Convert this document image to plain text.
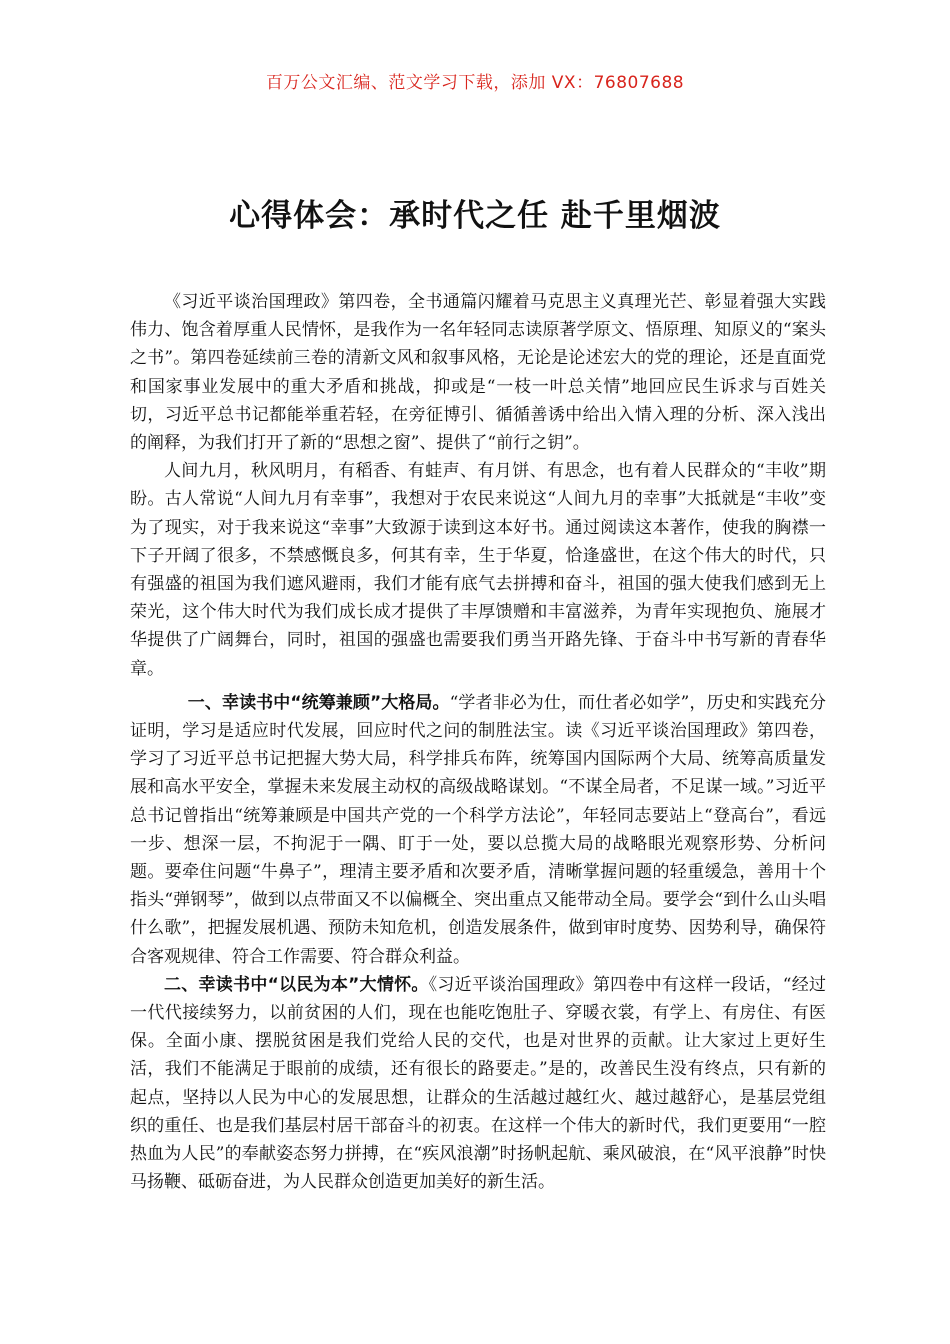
百万公文汇编、范文学习下载，添加 VX：76807688
心得体会：承时代之任 赴千里烟波

《习近平谈治国理政》第四卷，全书通篇闪耀着马克思主义真理光芒、彰显着强大实践伟力、饱含着厚重人民情怀，是我作为一名年轻同志读原著学原文、悟原理、知原义的“案头之书”。第四卷延续前三卷的清新文风和叙事风格，无论是论述宏大的党的理论，还是直面党和国家事业发展中的重大矛盾和挑战，抑或是“一枝一叶总关情”地回应民生诉求与百姓关切，习近平总书记都能举重若轻，在旁征博引、循循善诱中给出入情入理的分析、深入浅出的阐释，为我们打开了新的“思想之窗”、提供了“前行之钥”。

人间九月，秋风明月，有稻香、有蛙声、有月饼、有思念，也有着人民群众的“丰收”期盼。古人常说“人间九月有幸事”，我想对于农民来说这“人间九月的幸事”大抵就是“丰收”变为了现实，对于我来说这“幸事”大致源于读到这本好书。通过阅读这本著作，使我的胸襟一下子开阔了很多，不禁感慨良多，何其有幸，生于华夏，恰逢盛世，在这个伟大的时代，只有强盛的祖国为我们遮风避雨，我们才能有底气去拼搏和奋斗，祖国的强大使我们感到无上荣光，这个伟大时代为我们成长成才提供了丰厚馈赠和丰富滋养，为青年实现抱负、施展才华提供了广阔舞台，同时，祖国的强盛也需要我们勇当开路先锋、于奋斗中书写新的青春华章。

一、幸读书中“统筹兼顾”大格局。“学者非必为仕，而仕者必如学”，历史和实践充分证明，学习是适应时代发展，回应时代之问的制胜法宝。读《习近平谈治国理政》第四卷，学习了习近平总书记把握大势大局，科学排兵布阵，统筹国内国际两个大局、统筹高质量发展和高水平安全，掌握未来发展主动权的高级战略谋划。“不谋全局者，不足谋一域。”习近平总书记曾指出“统筹兼顾是中国共产党的一个科学方法论”，年轻同志要站上“登高台”，看远一步、想深一层，不拘泥于一隅、盯于一处，要以总揽大局的战略眼光观察形势、分析问题。要牵住问题“牛鼻子”，理清主要矛盾和次要矛盾，清晰掌握问题的轻重缓急，善用十个指头“弹钢琴”，做到以点带面又不以偏概全、突出重点又能带动全局。要学会“到什么山头唱什么歌”，把握发展机遇、预防未知危机，创造发展条件，做到审时度势、因势利导，确保符合客观规律、符合工作需要、符合群众利益。

二、幸读书中“以民为本”大情怀。《习近平谈治国理政》第四卷中有这样一段话，“经过一代代接续努力，以前贫困的人们，现在也能吃饱肚子、穿暖衣裳，有学上、有房住、有医保。全面小康、摆脱贫困是我们党给人民的交代，也是对世界的贡献。让大家过上更好生活，我们不能满足于眼前的成绩，还有很长的路要走。”是的，改善民生没有终点，只有新的起点，坚持以人民为中心的发展思想，让群众的生活越过越红火、越过越舒心，是基层党组织的重任、也是我们基层村居干部奋斗的初衷。在这样一个伟大的新时代，我们更要用“一腔热血为人民”的奉献姿态努力拼搏，在“疾风浪潮”时扬帆起航、乘风破浪，在“风平浪静”时快马扬鞭、砥砺奋进，为人民群众创造更加美好的新生活。
